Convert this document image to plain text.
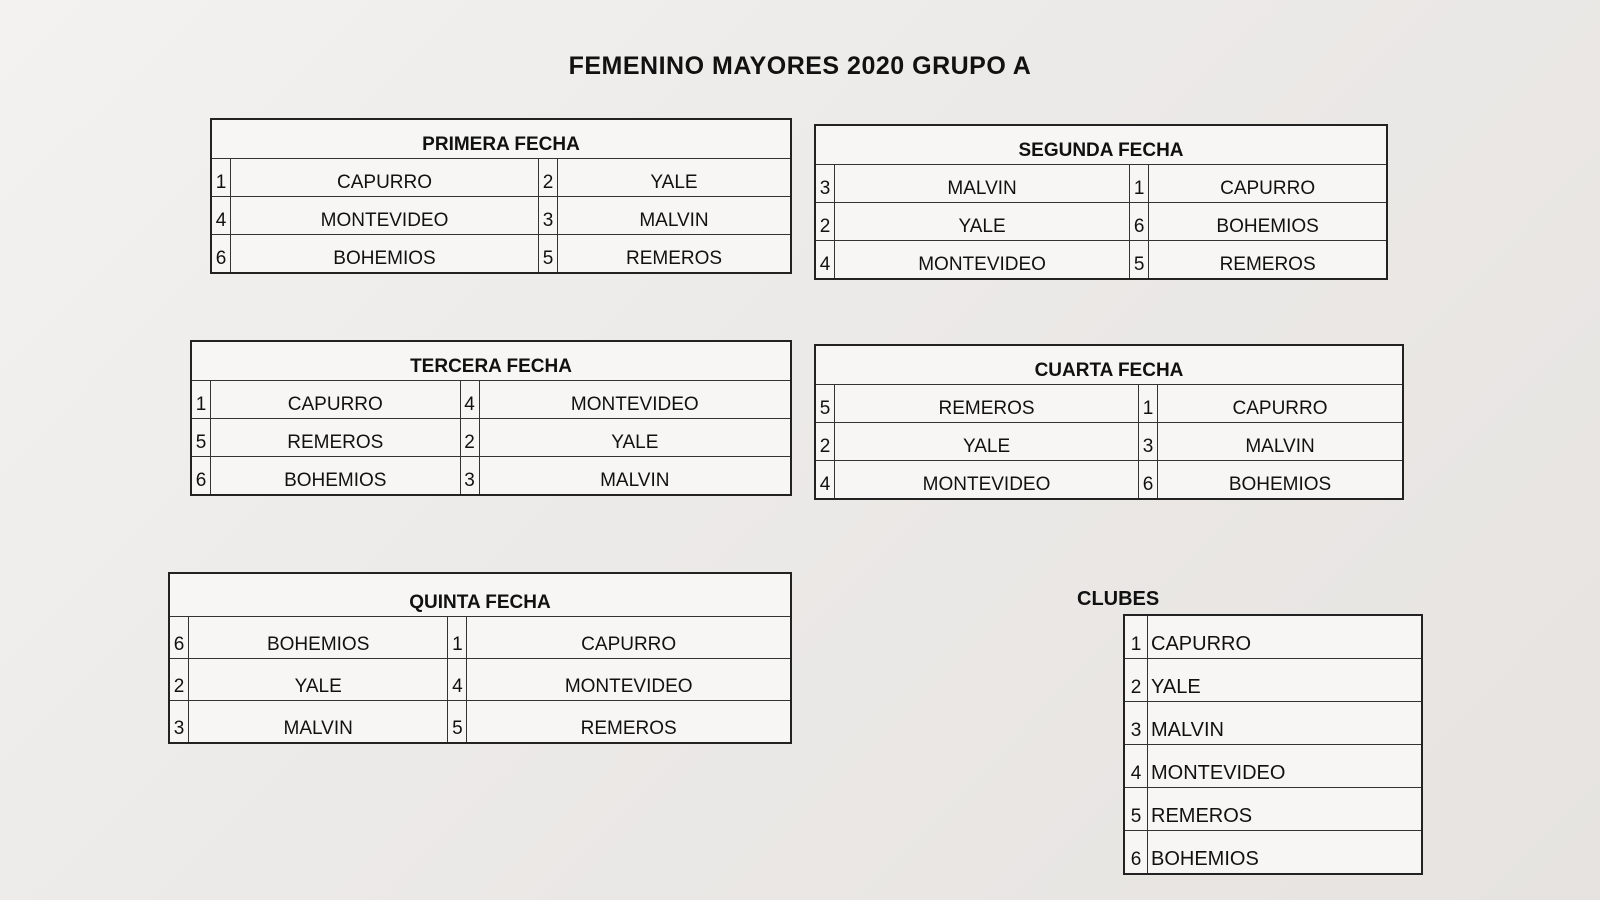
FEMENINO MAYORES 2020 GRUPO A
PRIMERA FECHA			
1	CAPURRO	2	YALE
4	MONTEVIDEO	3	MALVIN
6	BOHEMIOS	5	REMEROS
SEGUNDA FECHA			
3	MALVIN	1	CAPURRO
2	YALE	6	BOHEMIOS
4	MONTEVIDEO	5	REMEROS
TERCERA FECHA			
1	CAPURRO	4	MONTEVIDEO
5	REMEROS	2	YALE
6	BOHEMIOS	3	MALVIN
CUARTA FECHA			
5	REMEROS	1	CAPURRO
2	YALE	3	MALVIN
4	MONTEVIDEO	6	BOHEMIOS
QUINTA FECHA			
6	BOHEMIOS	1	CAPURRO
2	YALE	4	MONTEVIDEO
3	MALVIN	5	REMEROS
CLUBES
1	CAPURRO
2	YALE
3	MALVIN
4	MONTEVIDEO
5	REMEROS
6	BOHEMIOS
